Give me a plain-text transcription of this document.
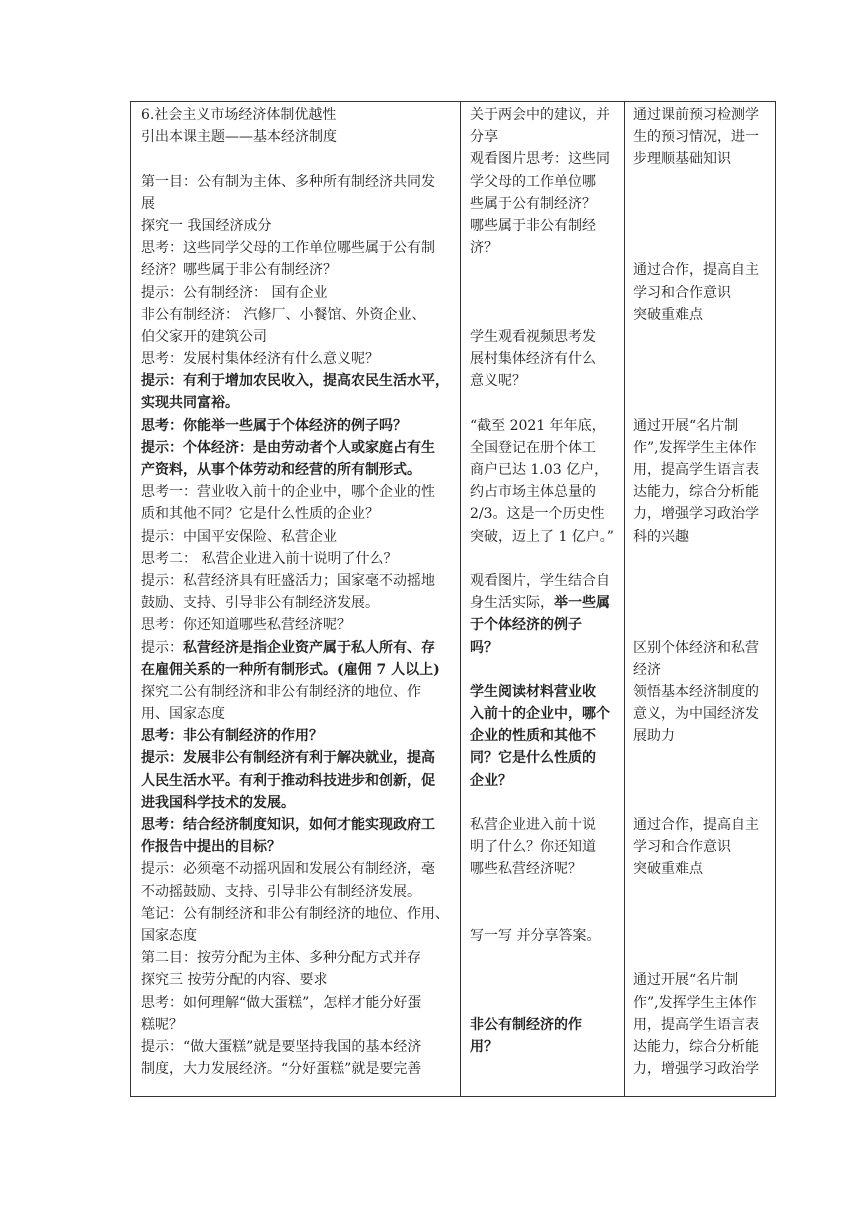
6.社会主义市场经济体制优越性
引出本课主题——基本经济制度
第一目：公有制为主体、多种所有制经济共同发
展
探究一 我国经济成分
思考：这些同学父母的工作单位哪些属于公有制
经济？哪些属于非公有制经济？
提示：公有制经济： 国有企业
非公有制经济： 汽修厂、小餐馆、外资企业、
伯父家开的建筑公司
思考：发展村集体经济有什么意义呢？
提示：有利于增加农民收入，提高农民生活水平，
实现共同富裕。
思考：你能举一些属于个体经济的例子吗？
提示：个体经济：是由劳动者个人或家庭占有生
产资料，从事个体劳动和经营的所有制形式。
思考一：营业收入前十的企业中，哪个企业的性
质和其他不同？它是什么性质的企业？
提示：中国平安保险、私营企业
思考二： 私营企业进入前十说明了什么？
提示：私营经济具有旺盛活力；国家毫不动摇地
鼓励、支持、引导非公有制经济发展。
思考：你还知道哪些私营经济呢？
提示：私营经济是指企业资产属于私人所有、存
在雇佣关系的一种所有制形式。(雇佣 7 人以上)
探究二公有制经济和非公有制经济的地位、作
用、国家态度
思考：非公有制经济的作用？
提示：发展非公有制经济有利于解决就业，提高
人民生活水平。有利于推动科技进步和创新，促
进我国科学技术的发展。
思考：结合经济制度知识，如何才能实现政府工
作报告中提出的目标？
提示：必须毫不动摇巩固和发展公有制经济，毫
不动摇鼓励、支持、引导非公有制经济发展。
笔记：公有制经济和非公有制经济的地位、作用、
国家态度
第二目：按劳分配为主体、多种分配方式并存
探究三 按劳分配的内容、要求
思考：如何理解“做大蛋糕”，怎样才能分好蛋
糕呢？
提示：“做大蛋糕”就是要坚持我国的基本经济
制度，大力发展经济。“分好蛋糕”就是要完善
关于两会中的建议，并
分享
观看图片思考：这些同
学父母的工作单位哪
些属于公有制经济？
哪些属于非公有制经
济？
学生观看视频思考发
展村集体经济有什么
意义呢？
“截至 2021 年年底，
全国登记在册个体工
商户已达 1.03 亿户，
约占市场主体总量的
2/3。这是一个历史性
突破，迈上了 1 亿户。”
观看图片，学生结合自
身生活实际，举一些属
于个体经济的例子
吗？
学生阅读材料营业收
入前十的企业中，哪个
企业的性质和其他不
同？它是什么性质的
企业？
私营企业进入前十说
明了什么？你还知道
哪些私营经济呢？
写一写 并分享答案。
非公有制经济的作
用？
通过课前预习检测学
生的预习情况，进一
步理顺基础知识
通过合作，提高自主
学习和合作意识
突破重难点
通过开展“名片制
作”,发挥学生主体作
用，提高学生语言表
达能力，综合分析能
力，增强学习政治学
科的兴趣
区别个体经济和私营
经济
领悟基本经济制度的
意义，为中国经济发
展助力
通过合作，提高自主
学习和合作意识
突破重难点
通过开展“名片制
作”,发挥学生主体作
用，提高学生语言表
达能力，综合分析能
力，增强学习政治学
